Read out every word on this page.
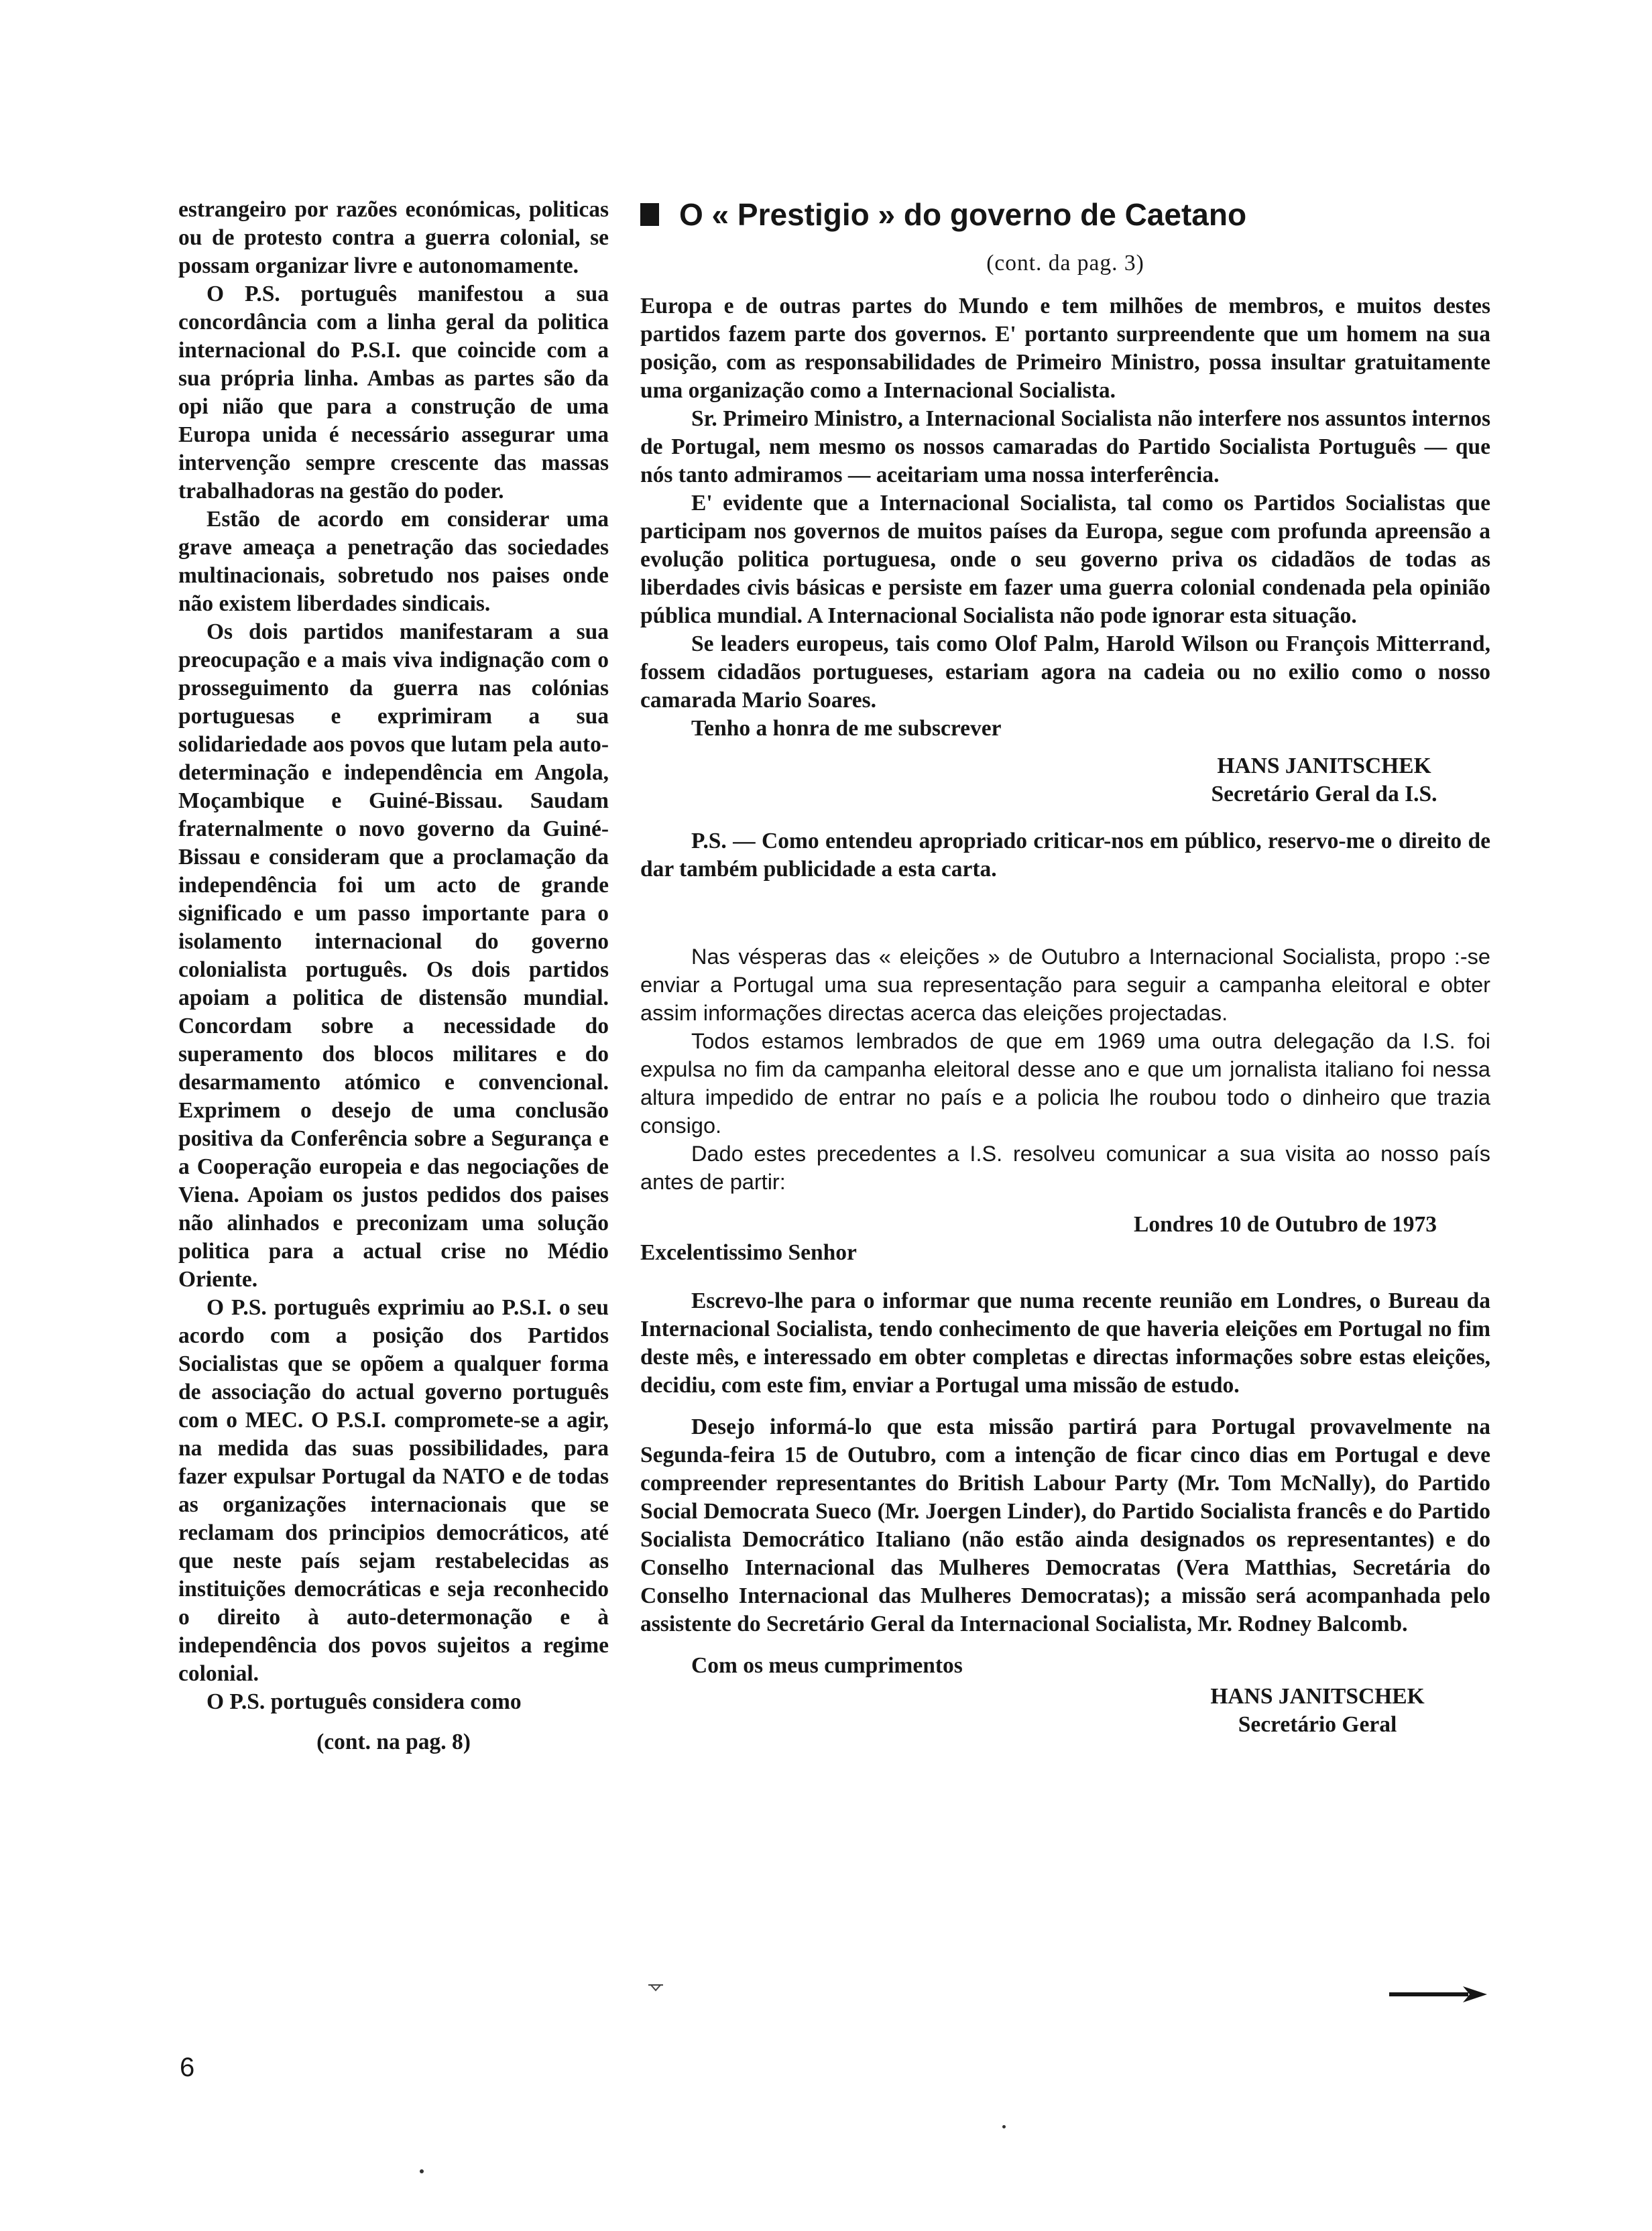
estrangeiro por razões económicas, politicas ou de protesto contra a guerra colonial, se possam organizar livre e autonomamente.

O P.S. português manifestou a sua concordância com a linha geral da politica internacional do P.S.I. que coincide com a sua própria linha. Ambas as partes são da opi nião que para a construção de uma Europa unida é necessário assegurar uma intervenção sempre crescente das massas trabalhadoras na gestão do poder.

Estão de acordo em considerar uma grave ameaça a penetração das sociedades multinacionais, sobretudo nos paises onde não existem liberdades sindicais.

Os dois partidos manifestaram a sua preocupação e a mais viva indignação com o prosseguimento da guerra nas colónias portuguesas e exprimiram a sua solidariedade aos povos que lutam pela auto-determinação e independência em Angola, Moçambique e Guiné-Bissau. Saudam fraternalmente o novo governo da Guiné-Bissau e consideram que a proclamação da independência foi um acto de grande significado e um passo importante para o isolamento internacional do governo colonialista português. Os dois partidos apoiam a politica de distensão mundial. Concordam sobre a necessidade do superamento dos blocos militares e do desarmamento atómico e convencional. Exprimem o desejo de uma conclusão positiva da Conferência sobre a Segurança e a Cooperação europeia e das negociações de Viena. Apoiam os justos pedidos dos paises não alinhados e preconizam uma solução politica para a actual crise no Médio Oriente.

O P.S. português exprimiu ao P.S.I. o seu acordo com a posição dos Partidos Socialistas que se opõem a qualquer forma de associação do actual governo português com o MEC. O P.S.I. compromete-se a agir, na medida das suas possibilidades, para fazer expulsar Portugal da NATO e de todas as organizações internacionais que se reclamam dos principios democráticos, até que neste país sejam restabelecidas as instituições democráticas e seja reconhecido o direito à auto-determonação e à independência dos povos sujeitos a regime colonial.

O P.S. português considera como

(cont. na pag. 8)

O « Prestigio » do governo de Caetano

(cont. da pag. 3)

Europa e de outras partes do Mundo e tem milhões de membros, e muitos destes partidos fazem parte dos governos. E' portanto surpreendente que um homem na sua posição, com as responsabilidades de Primeiro Ministro, possa insultar gratuitamente uma organização como a Internacional Socialista.

Sr. Primeiro Ministro, a Internacional Socialista não interfere nos assuntos internos de Portugal, nem mesmo os nossos camaradas do Partido Socialista Português — que nós tanto admiramos — aceitariam uma nossa interferência.

E' evidente que a Internacional Socialista, tal como os Partidos Socialistas que participam nos governos de muitos países da Europa, segue com profunda apreensão a evolução politica portuguesa, onde o seu governo priva os cidadãos de todas as liberdades civis básicas e persiste em fazer uma guerra colonial condenada pela opinião pública mundial. A Internacional Socialista não pode ignorar esta situação.

Se leaders europeus, tais como Olof Palm, Harold Wilson ou François Mitterrand, fossem cidadãos portugueses, estariam agora na cadeia ou no exilio como o nosso camarada Mario Soares.

Tenho a honra de me subscrever

HANS JANITSCHEK
Secretário Geral da I.S.

P.S. — Como entendeu apropriado criticar-nos em público, reservo-me o direito de dar também publicidade a esta carta.

Nas vésperas das « eleições » de Outubro a Internacional Socialista, propo :-se enviar a Portugal uma sua representação para seguir a campanha eleitoral e obter assim informações directas acerca das eleições projectadas.

Todos estamos lembrados de que em 1969 uma outra delegação da I.S. foi expulsa no fim da campanha eleitoral desse ano e que um jornalista italiano foi nessa altura impedido de entrar no país e a policia lhe roubou todo o dinheiro que trazia consigo.

Dado estes precedentes a I.S. resolveu comunicar a sua visita ao nosso país antes de partir:

Londres 10 de Outubro de 1973
Excelentissimo Senhor

Escrevo-lhe para o informar que numa recente reunião em Londres, o Bureau da Internacional Socialista, tendo conhecimento de que haveria eleições em Portugal no fim deste mês, e interessado em obter completas e directas informações sobre estas eleições, decidiu, com este fim, enviar a Portugal uma missão de estudo.

Desejo informá-lo que esta missão partirá para Portugal provavelmente na Segunda-feira 15 de Outubro, com a intenção de ficar cinco dias em Portugal e deve compreender representantes do British Labour Party (Mr. Tom McNally), do Partido Social Democrata Sueco (Mr. Joergen Linder), do Partido Socialista francês e do Partido Socialista Democrático Italiano (não estão ainda designados os representantes) e do Conselho Internacional das Mulheres Democratas (Vera Matthias, Secretária do Conselho Internacional das Mulheres Democratas); a missão será acompanhada pelo assistente do Secretário Geral da Internacional Socialista, Mr. Rodney Balcomb.

Com os meus cumprimentos

HANS JANITSCHEK
Secretário Geral
6
